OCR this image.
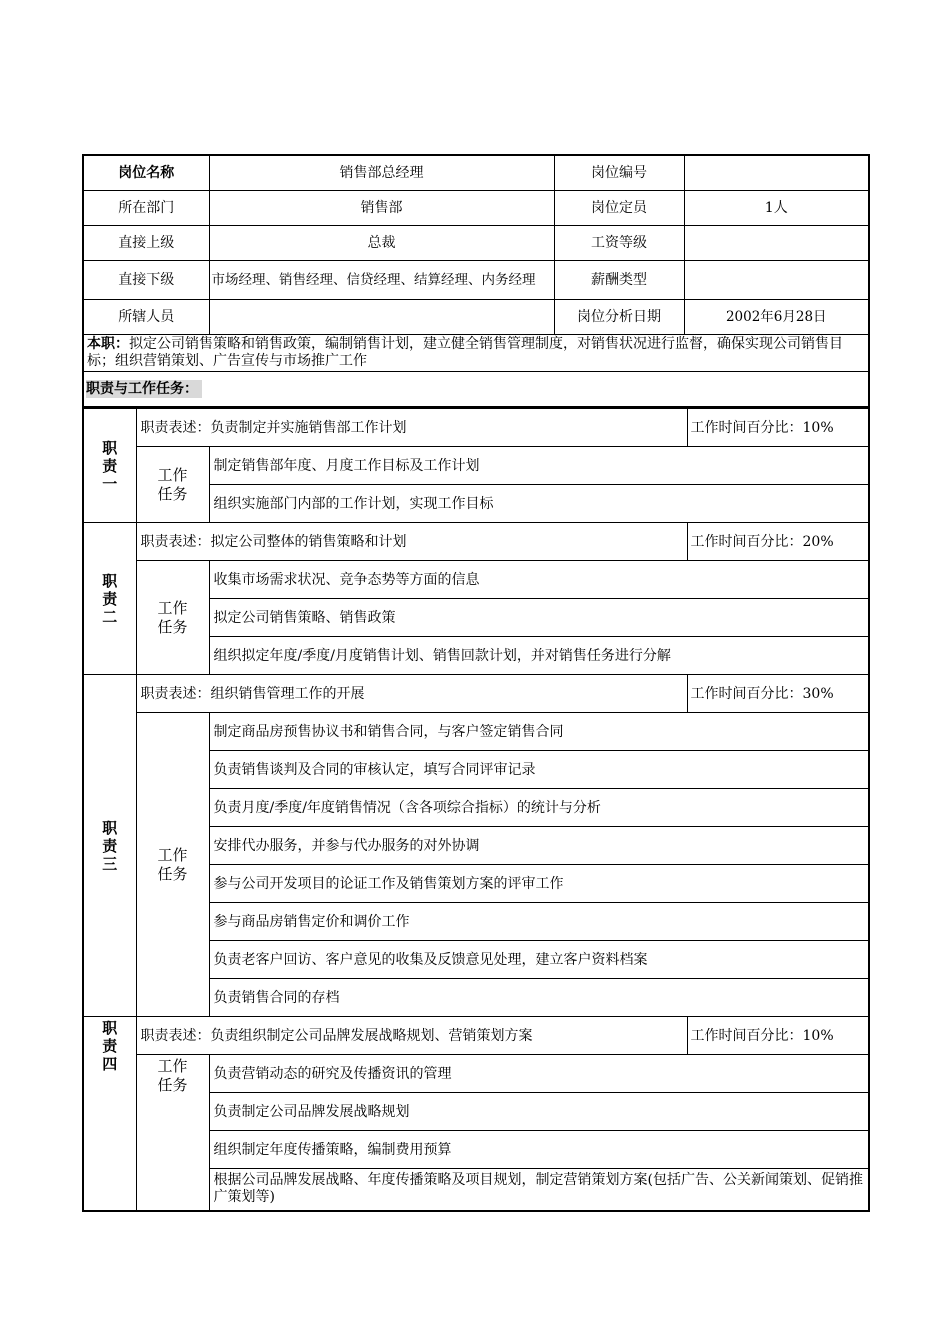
岗位名称	销售部总经理	岗位编号	
所在部门	销售部	岗位定员	1人
直接上级	总裁	工资等级	
直接下级	市场经理、销售经理、信贷经理、结算经理、内务经理	薪酬类型	
所辖人员		岗位分析日期	2002年6月28日
本职：拟定公司销售策略和销售政策，编制销售计划，建立健全销售管理制度，对销售状况进行监督，确保实现公司销售目标；组织营销策划、广告宣传与市场推广工作			
职责与工作任务：			
职责一	职责表述：负责制定并实施销售部工作计划		工作时间百分比：10%
	工作任务	制定销售部年度、月度工作目标及工作计划	
		组织实施部门内部的工作计划，实现工作目标	
职责二	职责表述：拟定公司整体的销售策略和计划		工作时间百分比：20%
	工作任务	收集市场需求状况、竞争态势等方面的信息	
		拟定公司销售策略、销售政策	
		组织拟定年度/季度/月度销售计划、销售回款计划，并对销售任务进行分解	
职责三	职责表述：组织销售管理工作的开展		工作时间百分比：30%
	工作任务	制定商品房预售协议书和销售合同，与客户签定销售合同	
		负责销售谈判及合同的审核认定，填写合同评审记录	
		负责月度/季度/年度销售情况（含各项综合指标）的统计与分析	
		安排代办服务，并参与代办服务的对外协调	
		参与公司开发项目的论证工作及销售策划方案的评审工作	
		参与商品房销售定价和调价工作	
		负责老客户回访、客户意见的收集及反馈意见处理，建立客户资料档案	
		负责销售合同的存档	
职责四	职责表述：负责组织制定公司品牌发展战略规划、营销策划方案		工作时间百分比：10%
	工作任务	负责营销动态的研究及传播资讯的管理	
		负责制定公司品牌发展战略规划	
		组织制定年度传播策略，编制费用预算	
		根据公司品牌发展战略、年度传播策略及项目规划，制定营销策划方案(包括广告、公关新闻策划、促销推广策划等)	
